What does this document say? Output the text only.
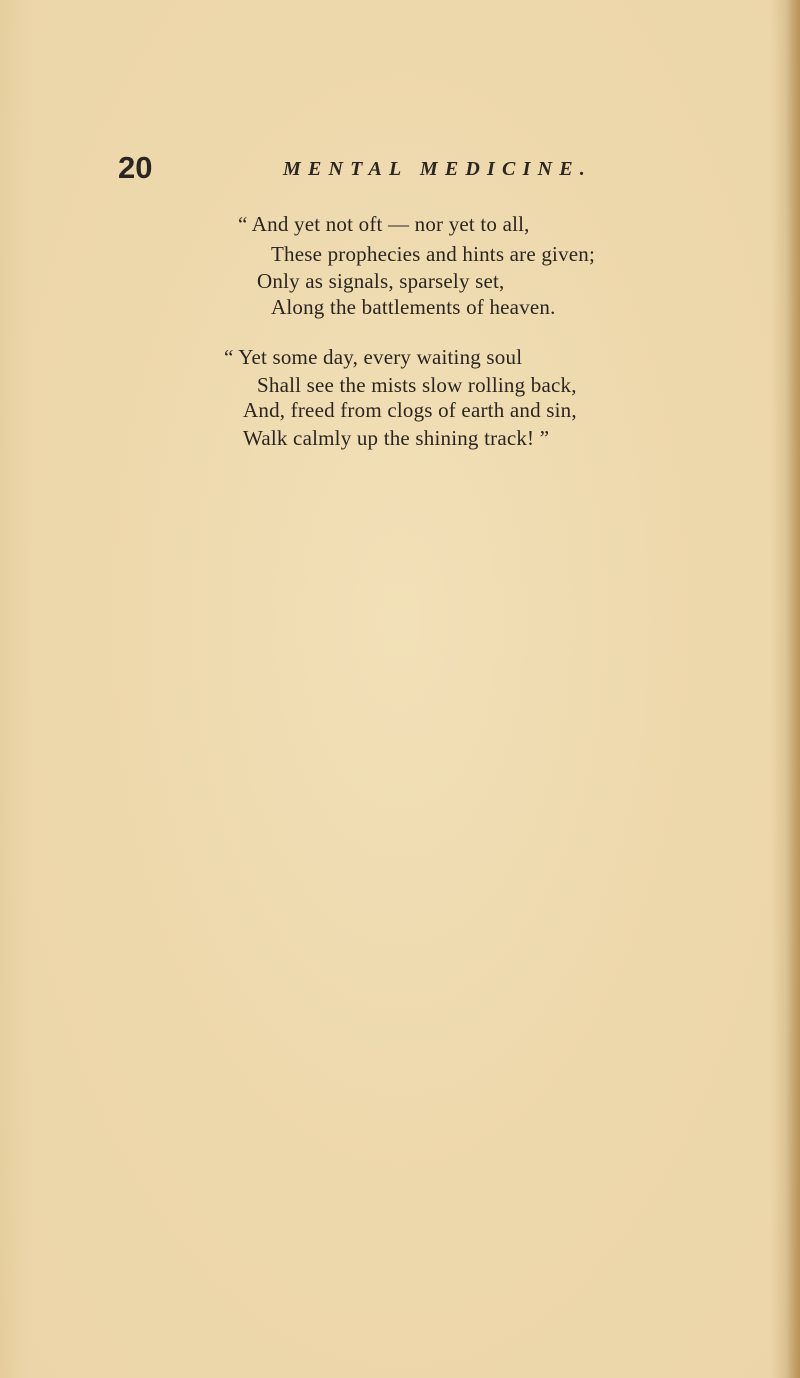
20	MENTAL MEDICINE.
“ And yet not oft — nor yet to all,
These prophecies and hints are given;
Only as signals, sparsely set,
Along the battlements of heaven.
“ Yet some day, every waiting soul
Shall see the mists slow rolling back,
And, freed from clogs of earth and sin,
Walk calmly up the shining track! ”
